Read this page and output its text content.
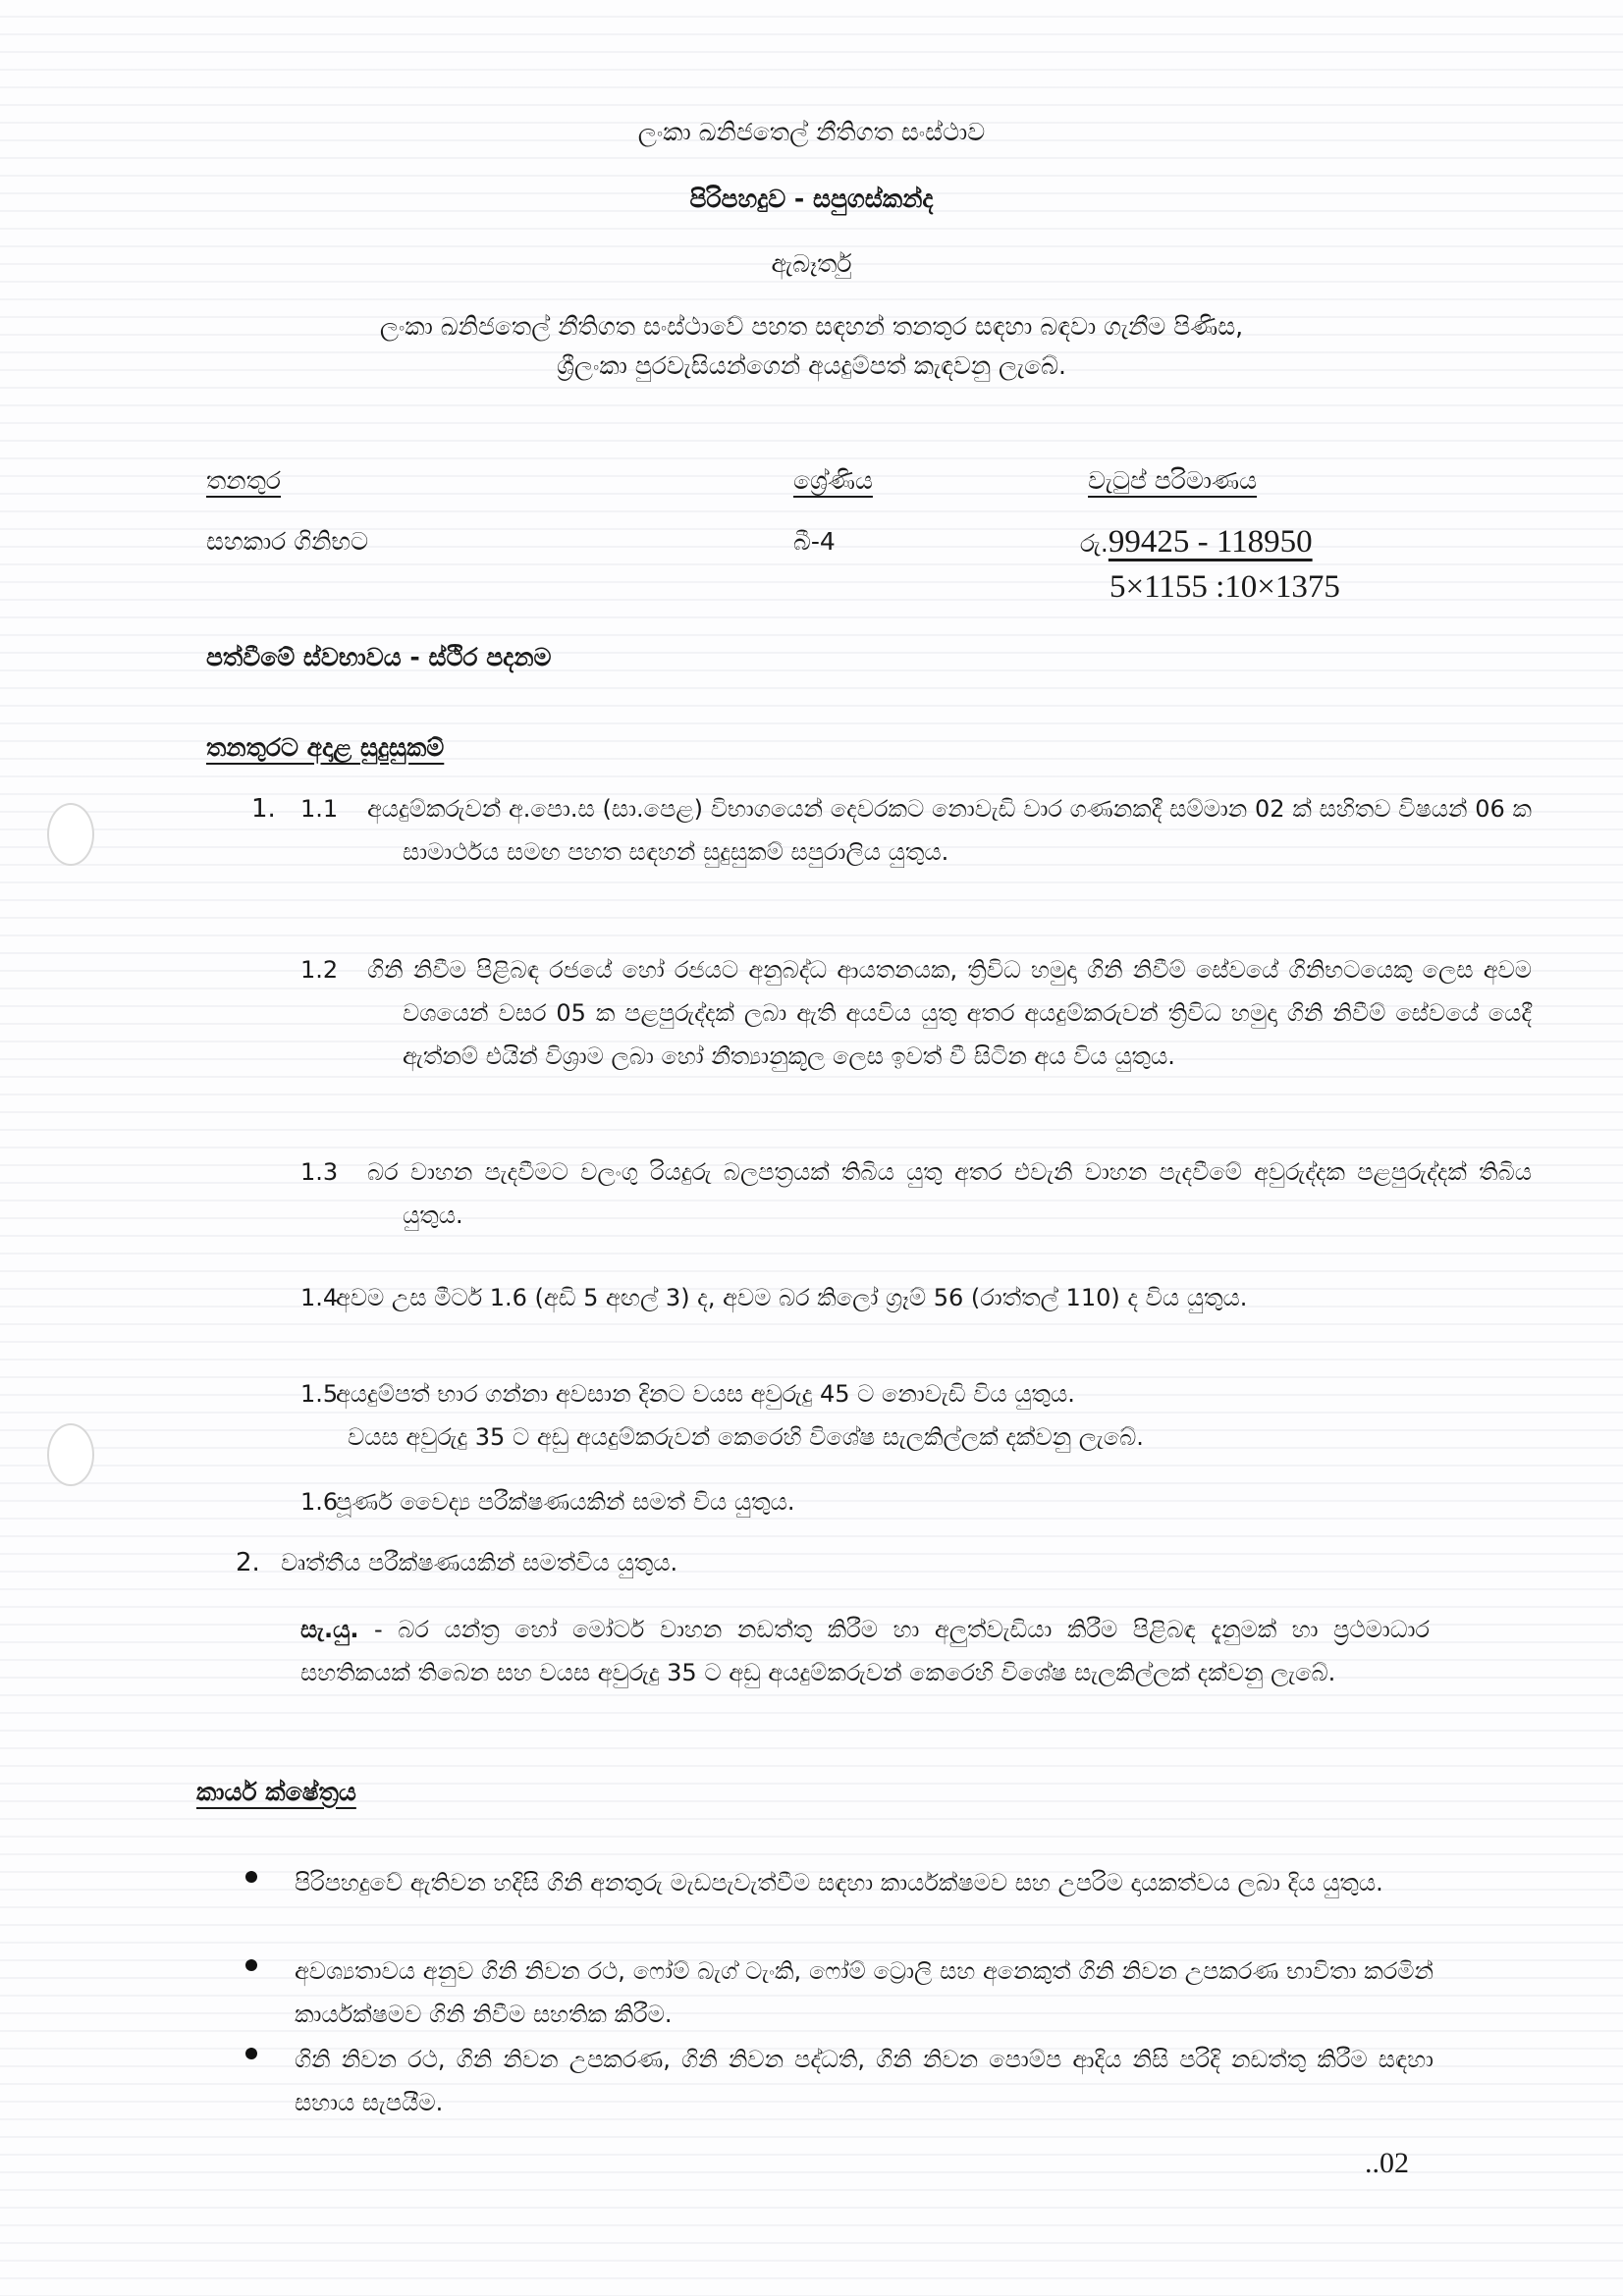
ලංකා ඛනිජතෙල් නීතිගත සංස්ථාව
පිරිපහදුව - සපුගස්කන්ද
ඇබෑර්තු
ලංකා ඛනිජතෙල් නීතිගත සංස්ථාවේ පහත සඳහන් තනතුර සඳහා බඳවා ගැනීම පිණිස,
ශ්‍රීලංකා පුරවැසියන්ගෙන් අයදුම්පත් කැඳවනු ලැබේ.
තනතුර	ශ්‍රේණිය	වැටුප් පරිමාණය
සහකාර ගිනිභට	බී-4	රු.99425 - 118950
5×1155 :10×1375
පත්වීමේ ස්වභාවය - ස්ථිර පදනම
තනතුරට අදාළ සුදුසුකම්
1. 1.1 අයදුම්කරුවන් අ.පො.ස (සා.පෙළ) විභාගයෙන් දෙවරකට නොවැඩි වාර ගණනකදී සම්මාන 02 ක් සහිතව විෂයන් 06 ක සාමාර්ථය සමඟ පහත සඳහන් සුදුසුකම් සපුරාලිය යුතුය.
1.2 ගිනි නිවීම පිළිබඳ රජයේ හෝ රජයට අනුබද්ධ ආයතනයක, ත්‍රිවිධ හමුදා ගිනි නිවීම් සේවයේ ගිනිභටයෙකු ලෙස අවම වශයෙන් වසර 05 ක පළපුරුද්දක් ලබා ඇති අයවිය යුතු අතර අයදුම්කරුවන් ත්‍රිවිධ හමුදා ගිනි නිවීම් සේවයේ යෙදී ඇත්නම් එයින් විශ්‍රාම ලබා හෝ නීත්‍යානුකූල ලෙස ඉවත් වී සිටින අය විය යුතුය.
1.3 බර වාහන පැදවීමට වලංගු රියදුරු බලපත්‍රයක් තිබිය යුතු අතර එවැනි වාහන පැදවීමේ අවුරුද්දක පළපුරුද්දක් තිබිය යුතුය.
1.4අවම උස මීටර් 1.6 (අඩි 5 අඟල් 3) ද, අවම බර කිලෝ ග්‍රෑම් 56 (රාත්තල් 110) ද විය යුතුය.
1.5අයදුම්පත් භාර ගන්නා අවසාන දිනට වයස අවුරුදු 45 ට නොවැඩි විය යුතුය.
වයස අවුරුදු 35 ට අඩු අයදුම්කරුවන් කෙරෙහි විශේෂ සැලකිල්ලක් දක්වනු ලැබේ.
1.6පූර්ණ වෛද්‍ය පරීක්ෂණයකින් සමත් විය යුතුය.
2. වෘත්තීය පරීක්ෂණයකින් සමත්විය යුතුය.
සැ.යු. - බර යන්ත්‍ර හෝ මෝටර් වාහන නඩත්තු කිරීම හා අලුත්වැඩියා කිරීම පිළිබඳ දැනුමක් හා ප්‍රථමාධාර සහතිකයක් තිබෙන සහ වයස අවුරුදු 35 ට අඩු අයදුම්කරුවන් කෙරෙහි විශේෂ සැලකිල්ලක් දක්වනු ලැබේ.
කාර්ය ක්ෂේත්‍රය
පිරිපහදුවේ ඇතිවන හදිසි ගිනි අනතුරු මැඩපැවැත්වීම සඳහා කාර්යක්ෂමව සහ උපරිම දායකත්වය ලබා දිය යුතුය.
අවශ්‍යතාවය අනුව ගිනි නිවන රථ, ෆෝම් බැග් ටැංකි, ෆෝම් ට්‍රොලි සහ අනෙකුත් ගිනි නිවන උපකරණ භාවිතා කරමින් කාර්යක්ෂමව ගිනි නිවීම සහතික කිරීම.
ගිනි නිවන රථ, ගිනි නිවන උපකරණ, ගිනි නිවන පද්ධති, ගිනි නිවන පොම්ප ආදිය නිසි පරිදි නඩත්තු කිරීම සඳහා සහාය සැපයීම.
..02
